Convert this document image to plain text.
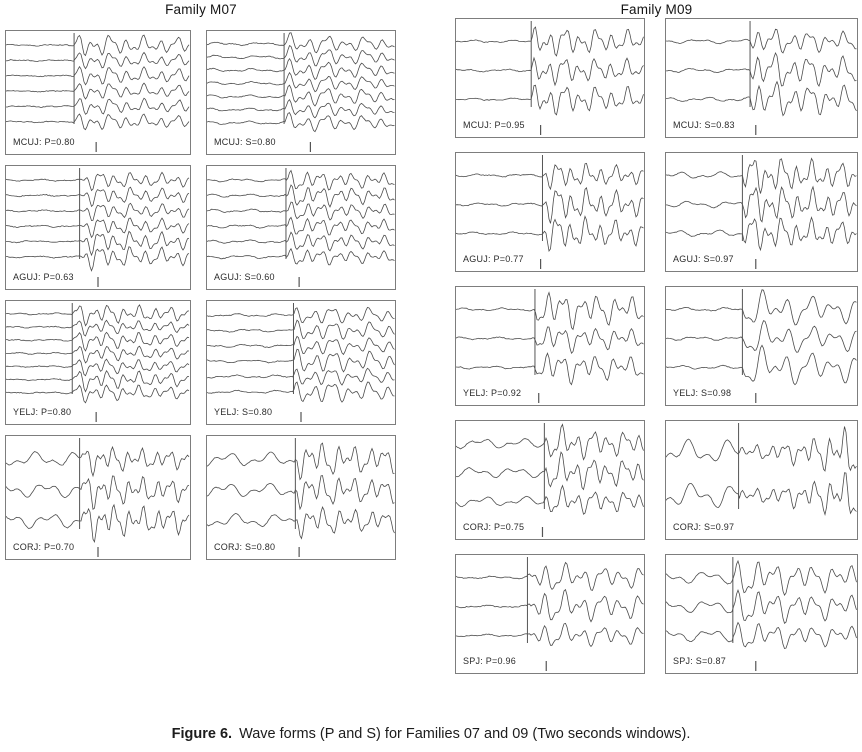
Family M07
MCUJ: P=0.80	MCUJ: S=0.80
AGUJ: P=0.63	AGUJ: S=0.60
YELJ: P=0.80	YELJ: S=0.80
CORJ: P=0.70	CORJ: S=0.80
Family M09
MCUJ: P=0.95	MCUJ: S=0.83
AGUJ: P=0.77	AGUJ: S=0.97
YELJ: P=0.92	YELJ: S=0.98
CORJ: P=0.75	CORJ: S=0.97
SPJ: P=0.96	SPJ: S=0.87
Figure 6. Wave forms (P and S) for Families 07 and 09 (Two seconds windows).
